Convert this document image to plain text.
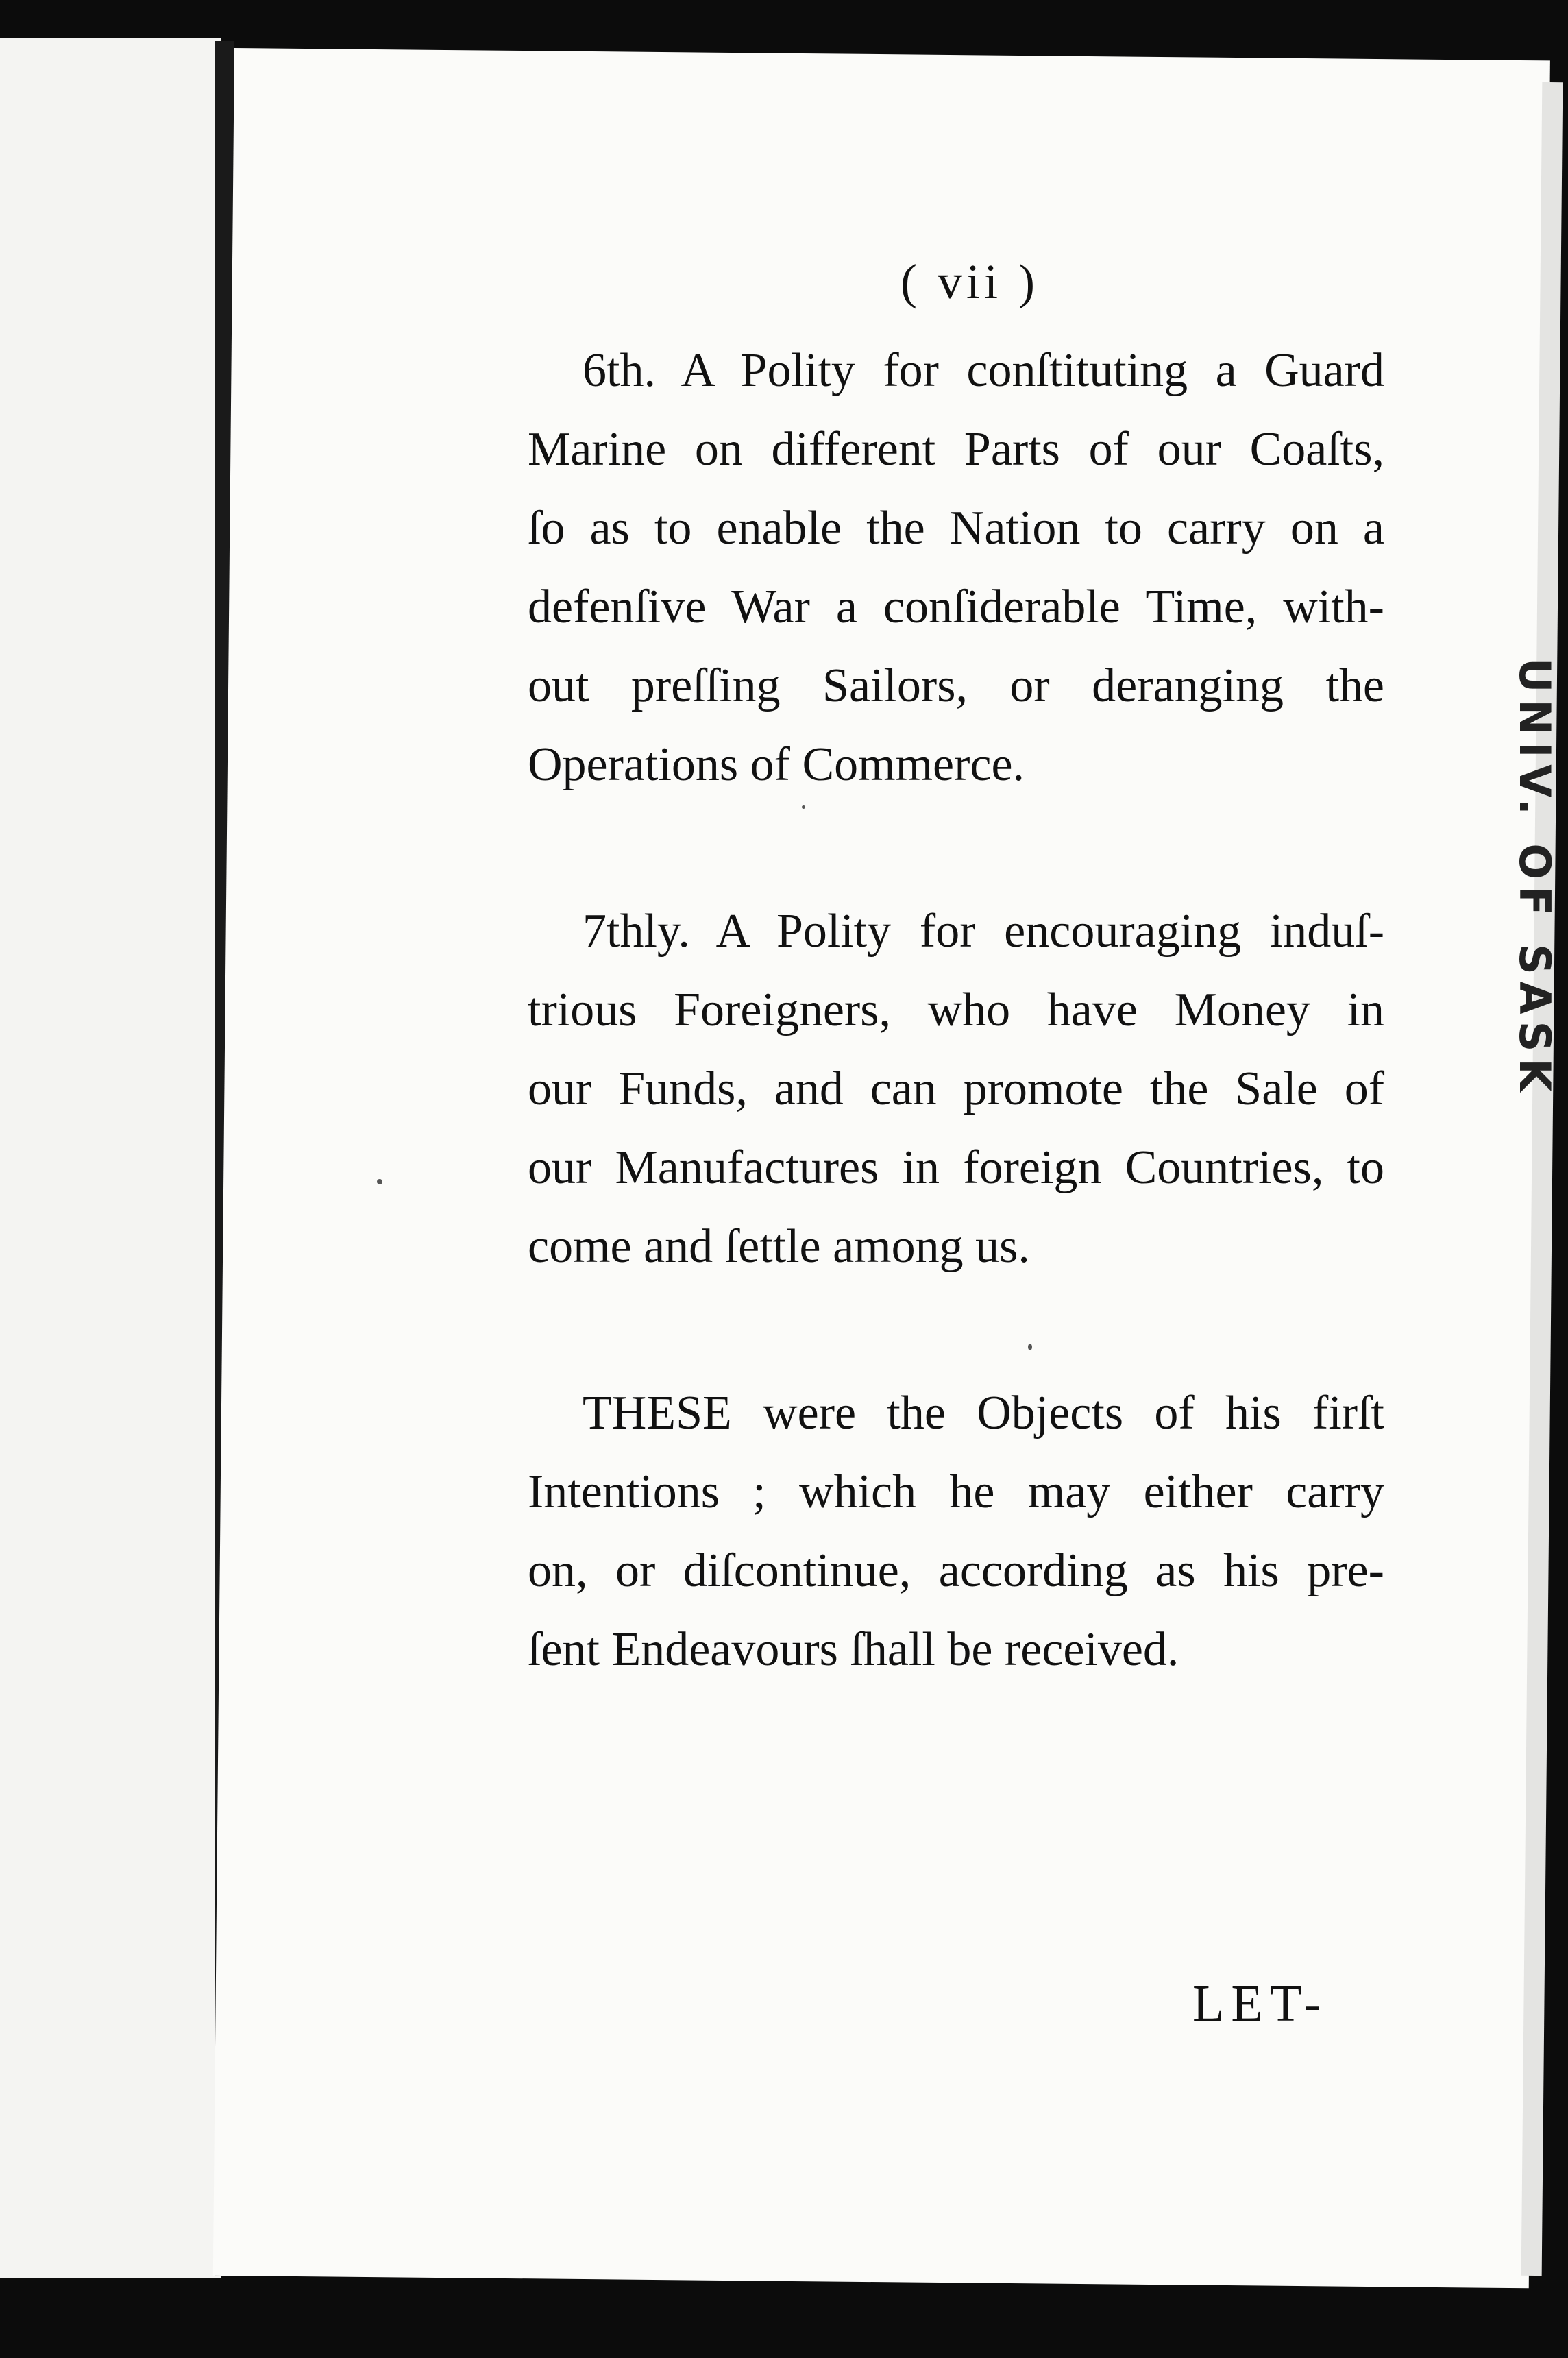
UNIV. OF SASK
( vii )
6th. A Polity for conſtituting a Guard
Marine on different Parts of our Coaſts,
ſo as to enable the Nation to carry on a
defenſive War a conſiderable Time, with-
out preſſing Sailors, or deranging the
Operations of Commerce.
7thly. A Polity for encouraging induſ-
trious Foreigners, who have Money in
our Funds, and can promote the Sale of
our Manufactures in foreign Countries, to
come and ſettle among us.
THESE were the Objects of his firſt
Intentions ; which he may either carry
on, or diſcontinue, according as his pre-
ſent Endeavours ſhall be received.
LET-
